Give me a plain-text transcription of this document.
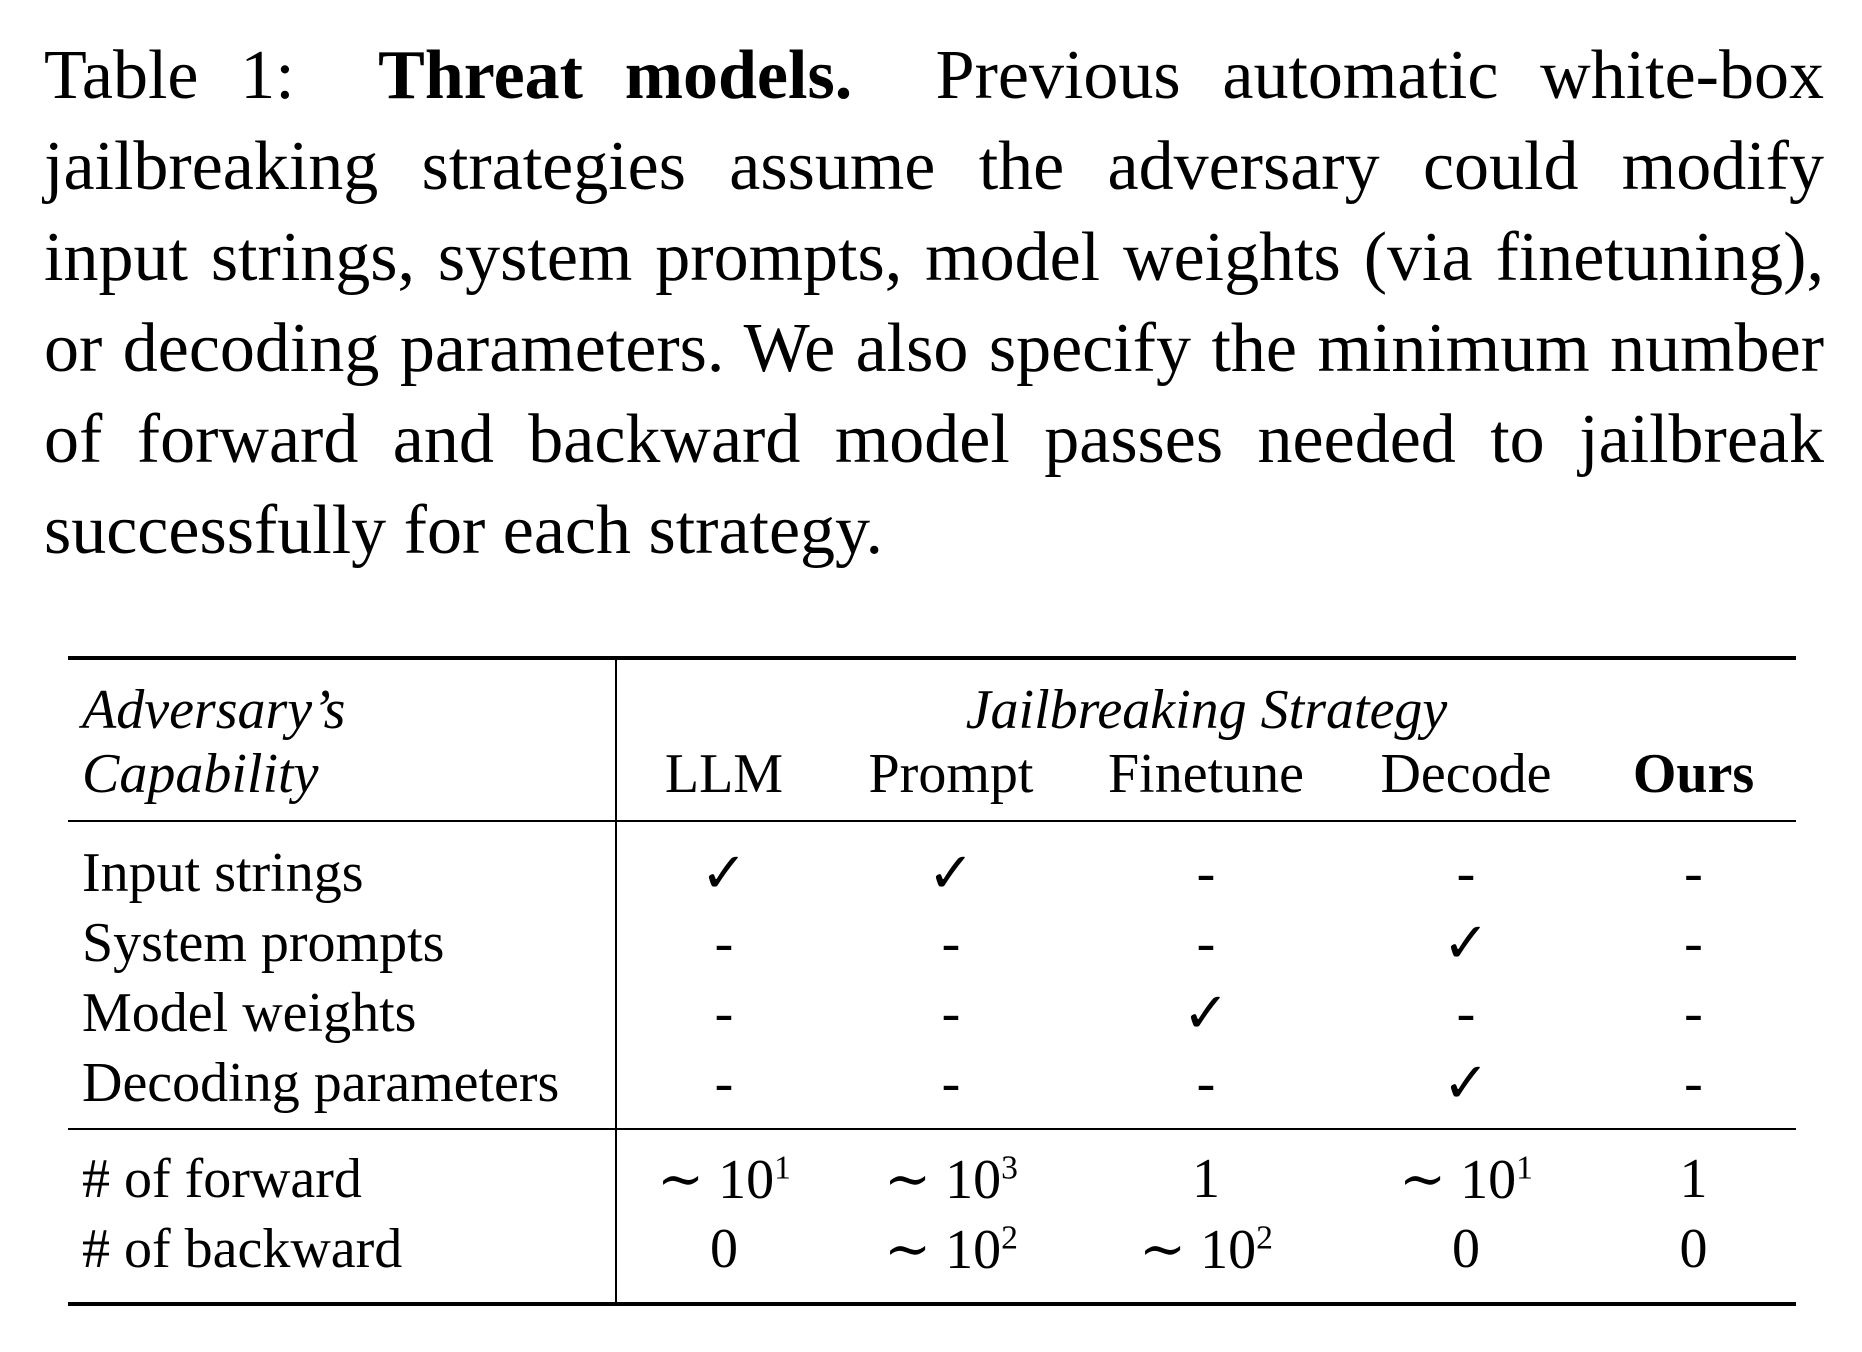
Table 1: Threat models. Previous automatic white-box jailbreaking strategies assume the adversary could modify input strings, system prompts, model weights (via finetuning), or decoding parameters. We also specify the minimum number of forward and backward model passes needed to jailbreak successfully for each strategy.

Adversary’s	Jailbreaking Strategy				
Capability	LLM	Prompt	Finetune	Decode	Ours
Input strings	✓	✓	-	-	-
System prompts	-	-	-	✓	-
Model weights	-	-	✓	-	-
Decoding parameters	-	-	-	✓	-
# of forward	∼ $10^1$	∼ $10^3$	1	∼ $10^1$	1
# of backward	0	∼ $10^2$	∼ $10^2$	0	0
